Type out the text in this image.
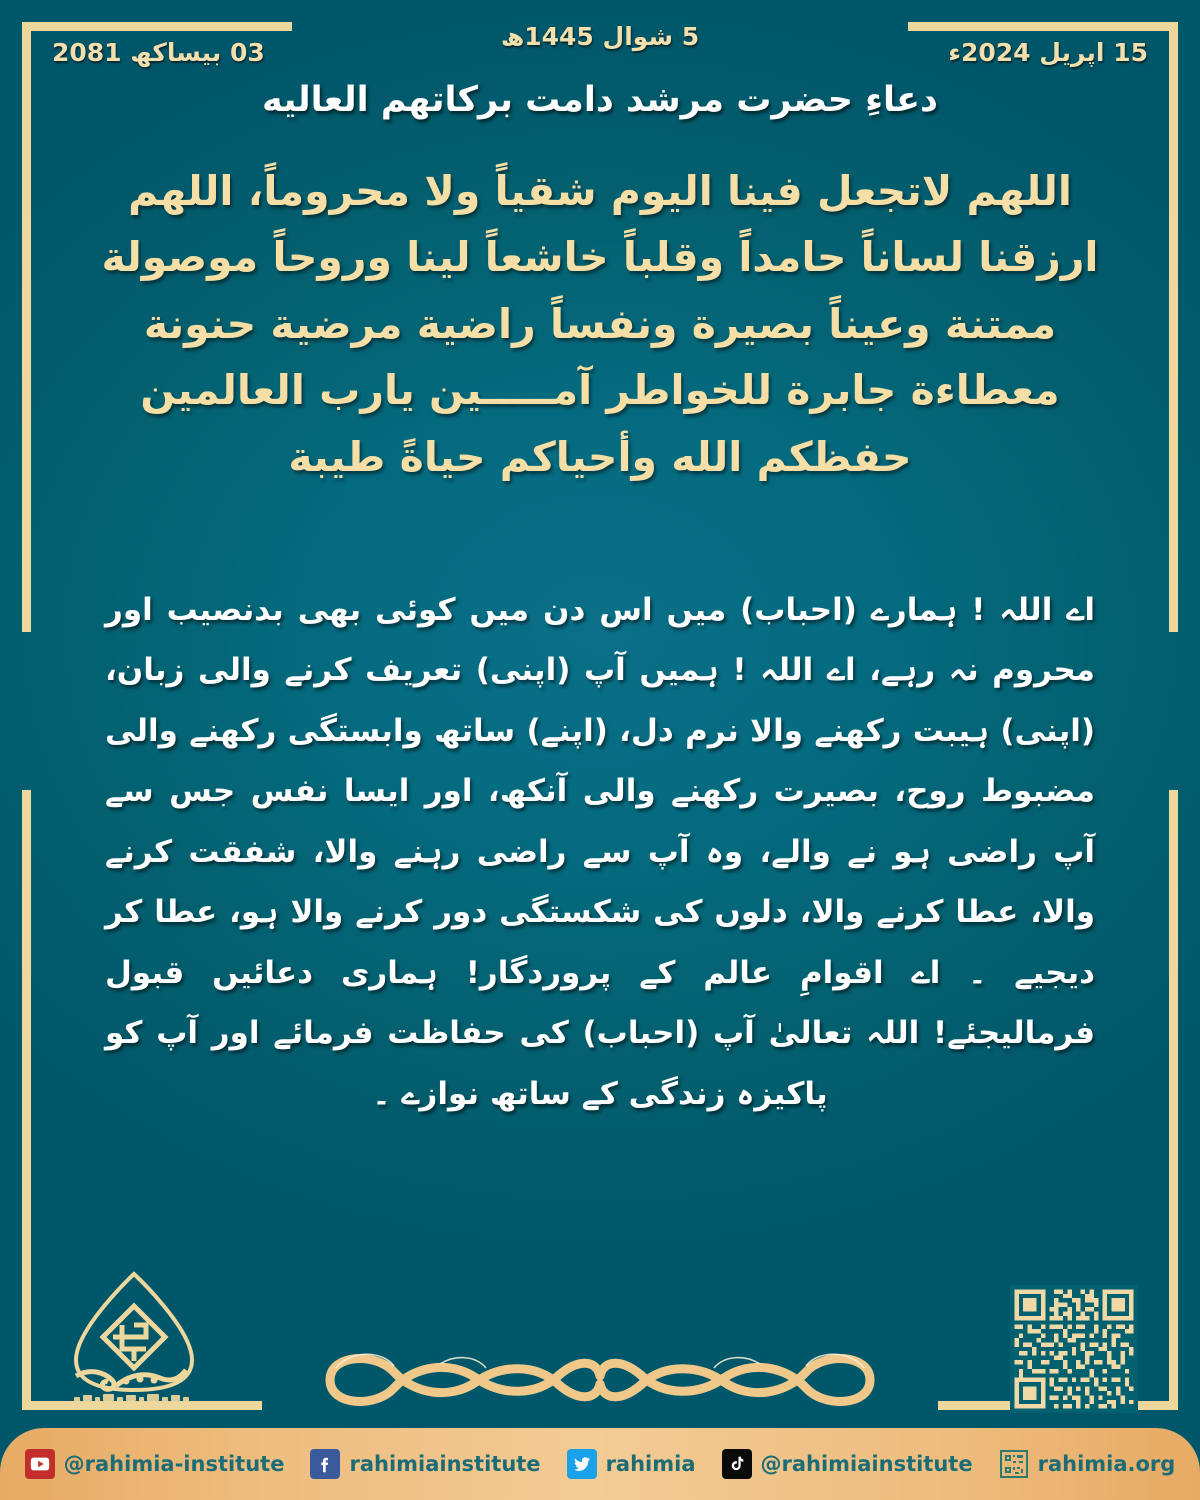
5 شوال 1445ھ
15 اپریل 2024ء
03 بیساکھ 2081
دعاءِ حضرت مرشد دامت بركاتهم العاليه
اللهم لاتجعل فينا اليوم شقياً ولا محروماً، اللهم ارزقنا لساناً حامداً وقلباً خاشعاً لينا وروحاً موصولة ممتنة وعيناً بصيرة ونفساً راضية مرضية حنونة معطاءة جابرة للخواطر آمـــــين يارب العالمين حفظكم الله وأحياكم حياةً طيبة
اے اللہ ! ہمارے (احباب) میں اس دن میں کوئی بھی بدنصیب اور محروم نہ رہے، اے اللہ ! ہمیں آپ (اپنی) تعریف کرنے والی زبان، (اپنی) ہیبت رکھنے والا نرم دل، (اپنے) ساتھ وابستگی رکھنے والی مضبوط روح، بصیرت رکھنے والی آنکھ، اور ایسا نفس جس سے آپ راضی ہو نے والے، وہ آپ سے راضی رہنے والا، شفقت کرنے والا، عطا کرنے والا، دلوں کی شکستگی دور کرنے والا ہو، عطا کر دیجیے ۔ اے اقوامِ عالم کے پروردگار! ہماری دعائیں قبول فرمالیجئے! اللہ تعالیٰ آپ (احباب) کی حفاظت فرمائے اور آپ کو پاکیزہ زندگی کے ساتھ نوازے ۔
@rahimia-institute	rahimiainstitute	rahimia	@rahimiainstitute	rahimia.org
